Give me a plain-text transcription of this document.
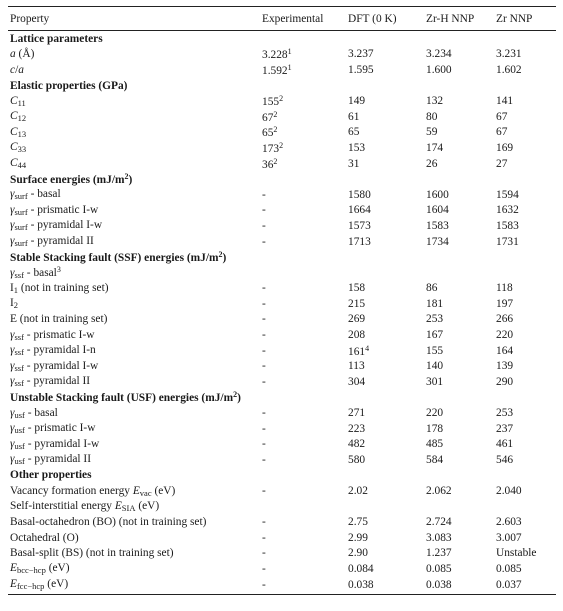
Property	Experimental	DFT (0 K)	Zr-H NNP	Zr NNP
Lattice parameters
a (Å)	3.228$^1$	3.237	3.234	3.231
c/a	1.592$^1$	1.595	1.600	1.602
Elastic properties (GPa)
$C_{11}$	$155^2$	149	132	141
$C_{12}$	$67^2$	61	80	67
$C_{13}$	$65^2$	65	59	67
$C_{33}$	$173^2$	153	174	169
$C_{44}$	$36^2$	31	26	27
Surface energies $(mJ/m^2)$
$\gamma_{surf}$ - basal	-	1580	1600	1594
$\gamma_{surf}$ - prismatic I-w	-	1664	1604	1632
$\gamma_{surf}$ - pyramidal I-w	-	1573	1583	1583
$\gamma_{surf}$ - pyramidal II	-	1713	1734	1731
Stable Stacking fault (SSF) energies $(mJ/m^2)$
$\gamma_{ssf}$ - basal$^3$
$I_1$ (not in training set)	-	158	86	118
$I_2$	-	215	181	197
E (not in training set)	-	269	253	266
$\gamma_{ssf}$ - prismatic I-w	-	208	167	220
$\gamma_{ssf}$ - pyramidal I-n	-	$161^4$	155	164
$\gamma_{ssf}$ - pyramidal I-w	-	113	140	139
$\gamma_{ssf}$ - pyramidal II	-	304	301	290
Unstable Stacking fault (USF) energies $(mJ/m^2)$
$\gamma_{usf}$ - basal	-	271	220	253
$\gamma_{usf}$ - prismatic I-w	-	223	178	237
$\gamma_{usf}$ - pyramidal I-w	-	482	485	461
$\gamma_{usf}$ - pyramidal II	-	580	584	546
Other properties
Vacancy formation energy $E_{vac}$ (eV)	-	2.02	2.062	2.040
Self-interstitial energy $E_{SIA}$ (eV)
Basal-octahedron (BO) (not in training set)	-	2.75	2.724	2.603
Octahedral (O)	-	2.99	3.083	3.007
Basal-split (BS) (not in training set)	-	2.90	1.237	Unstable
$E_{bcc-hcp}$ (eV)	-	0.084	0.085	0.085
$E_{fcc-hcp}$ (eV)	-	0.038	0.038	0.037
